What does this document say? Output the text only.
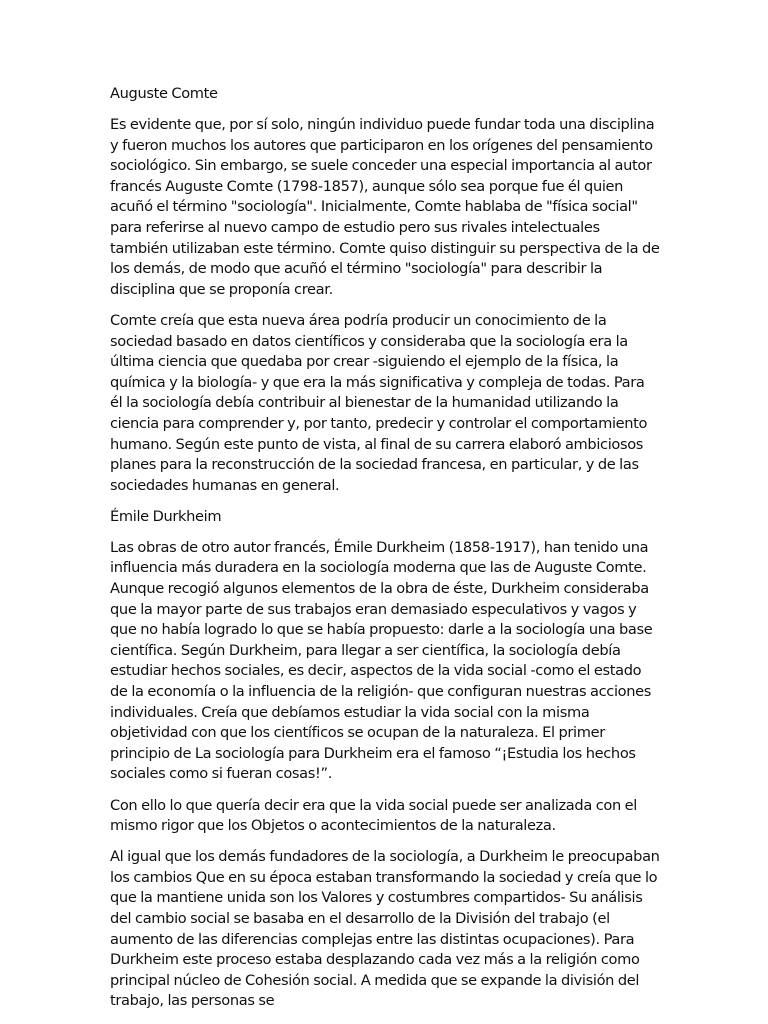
Auguste Comte

Es evidente que, por sí solo, ningún individuo puede fundar toda una disciplina y fueron muchos los autores que participaron en los orígenes del pensamiento sociológico. Sin embargo, se suele conceder una especial importancia al autor francés Auguste Comte (1798-1857), aunque sólo sea porque fue él quien acuñó el término "sociología". Inicialmente, Comte hablaba de "física social" para referirse al nuevo campo de estudio pero sus rivales intelectuales también utilizaban este término. Comte quiso distinguir su perspectiva de la de los demás, de modo que acuñó el término "sociología" para describir la disciplina que se proponía crear.

Comte creía que esta nueva área podría producir un conocimiento de la sociedad basado en datos científicos y consideraba que la sociología era la última ciencia que quedaba por crear -siguiendo el ejemplo de la física, la química y la biología- y que era la más significativa y compleja de todas. Para él la sociología debía contribuir al bienestar de la humanidad utilizando la ciencia para comprender y, por tanto, predecir y controlar el comportamiento humano. Según este punto de vista, al final de su carrera elaboró ambiciosos planes para la reconstrucción de la sociedad francesa, en particular, y de las sociedades humanas en general.

Émile Durkheim

Las obras de otro autor francés, Émile Durkheim (1858-1917), han tenido una influencia más duradera en la sociología moderna que las de Auguste Comte. Aunque recogió algunos elementos de la obra de éste, Durkheim consideraba que la mayor parte de sus trabajos eran demasiado especulativos y vagos y que no había logrado lo que se había propuesto: darle a la sociología una base científica. Según Durkheim, para llegar a ser científica, la sociología debía estudiar hechos sociales, es decir, aspectos de la vida social -como el estado de la economía o la influencia de la religión- que configuran nuestras acciones individuales. Creía que debíamos estudiar la vida social con la misma objetividad con que los científicos se ocupan de la naturaleza. El primer principio de La sociología para Durkheim era el famoso “¡Estudia los hechos sociales como si fueran cosas!”.

Con ello lo que quería decir era que la vida social puede ser analizada con el mismo rigor que los Objetos o acontecimientos de la naturaleza.

Al igual que los demás fundadores de la sociología, a Durkheim le preocupaban los cambios Que en su época estaban transformando la sociedad y creía que lo que la mantiene unida son los Valores y costumbres compartidos- Su análisis del cambio social se basaba en el desarrollo de la División del trabajo (el aumento de las diferencias complejas entre las distintas ocupaciones). Para Durkheim este proceso estaba desplazando cada vez más a la religión como principal núcleo de Cohesión social. A medida que se expande la división del trabajo, las personas se
